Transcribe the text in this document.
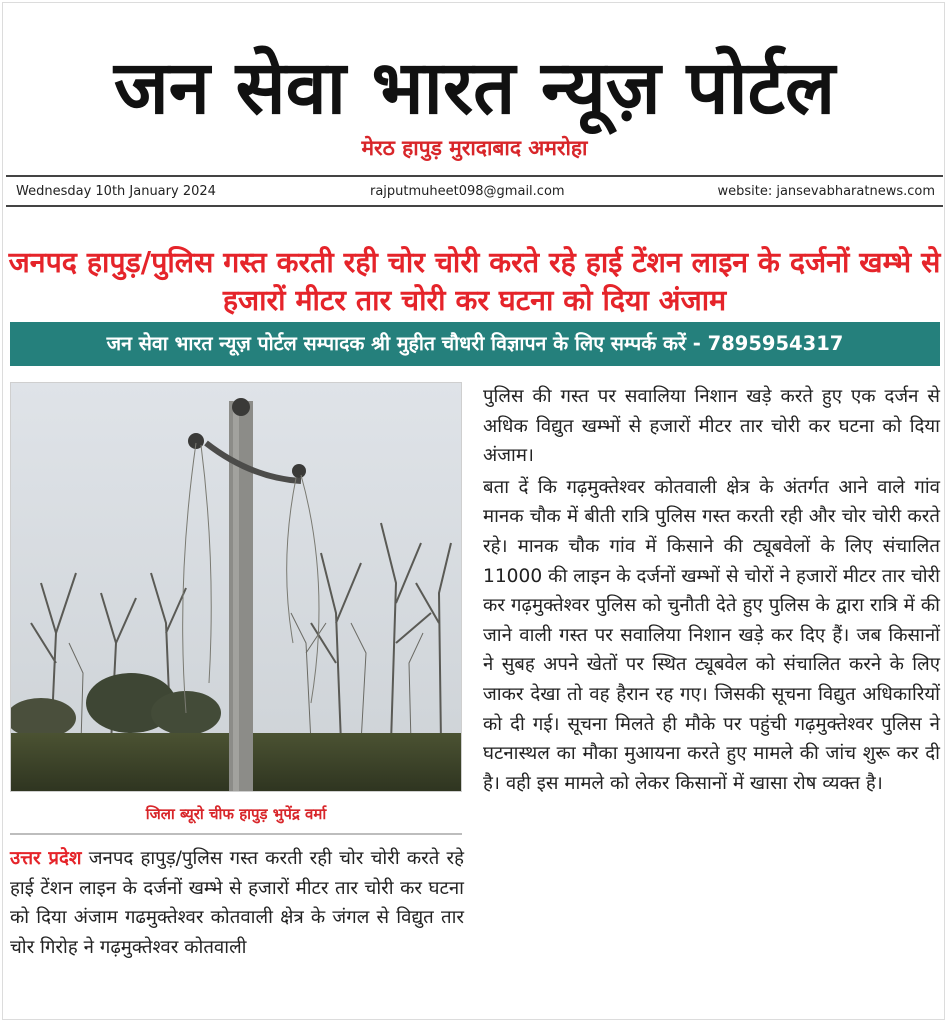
जन सेवा भारत न्यूज़ पोर्टल
मेरठ हापुड़ मुरादाबाद अमरोहा
Wednesday 10th January 2024	rajputmuheet098@gmail.com	website: jansevabharatnews.com
जनपद हापुड़/पुलिस गस्त करती रही चोर चोरी करते रहे हाई टेंशन लाइन के दर्जनों खम्भे से हजारों मीटर तार चोरी कर घटना को दिया अंजाम
जन सेवा भारत न्यूज़ पोर्टल सम्पादक श्री मुहीत चौधरी विज्ञापन के लिए सम्पर्क करें - 7895954317
जिला ब्यूरो चीफ हापुड़ भुपेंद्र वर्मा
उत्तर प्रदेश जनपद हापुड़/पुलिस गस्त करती रही चोर चोरी करते रहे हाई टेंशन लाइन के दर्जनों खम्भे से हजारों मीटर तार चोरी कर घटना को दिया अंजाम गढमुक्तेश्वर कोतवाली क्षेत्र के जंगल से विद्युत तार चोर गिरोह ने गढ़मुक्तेश्वर कोतवाली

पुलिस की गस्त पर सवालिया निशान खड़े करते हुए एक दर्जन से अधिक विद्युत खम्भों से हजारों मीटर तार चोरी कर घटना को दिया अंजाम।

बता दें कि गढ़मुक्तेश्वर कोतवाली क्षेत्र के अंतर्गत आने वाले गांव मानक चौक में बीती रात्रि पुलिस गस्त करती रही और चोर चोरी करते रहे। मानक चौक गांव में किसाने की ट्यूबवेलों के लिए संचालित 11000 की लाइन के दर्जनों खम्भों से चोरों ने हजारों मीटर तार चोरी कर गढ़मुक्तेश्वर पुलिस को चुनौती देते हुए पुलिस के द्वारा रात्रि में की जाने वाली गस्त पर सवालिया निशान खड़े कर दिए हैं। जब किसानों ने सुबह अपने खेतों पर स्थित ट्यूबवेल को संचालित करने के लिए जाकर देखा तो वह हैरान रह गए। जिसकी सूचना विद्युत अधिकारियों को दी गई। सूचना मिलते ही मौके पर पहुंची गढ़मुक्तेश्वर पुलिस ने घटनास्थल का मौका मुआयना करते हुए मामले की जांच शुरू कर दी है। वही इस मामले को लेकर किसानों में खासा रोष व्यक्त है।
